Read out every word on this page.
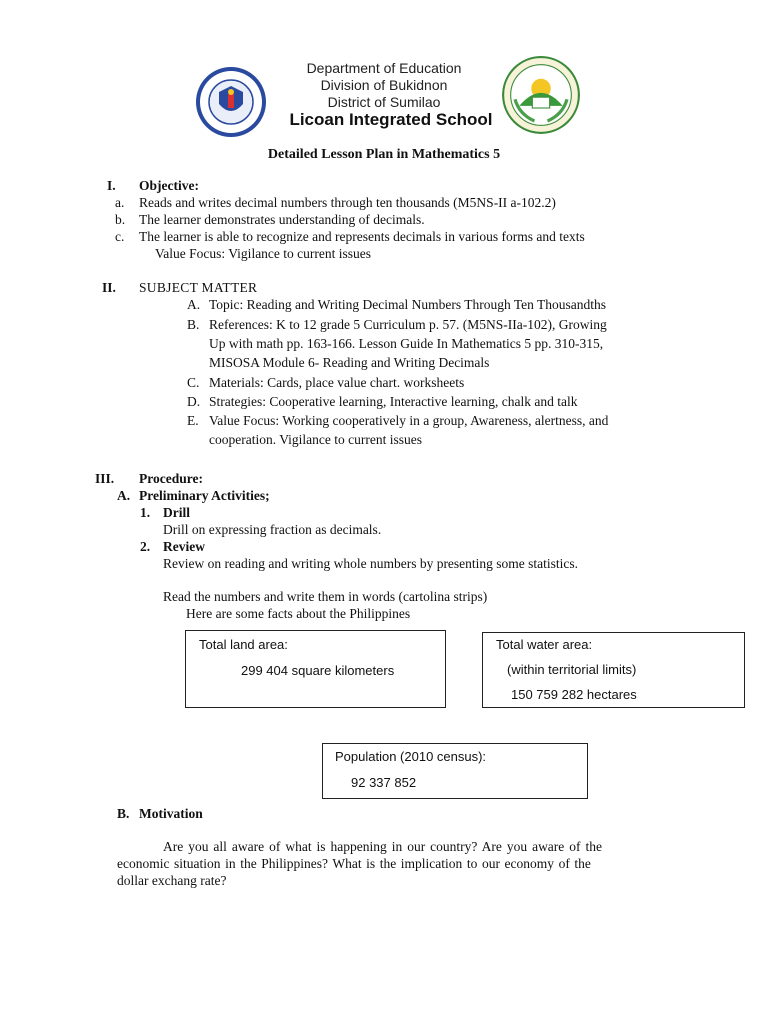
Department of Education
Division of Bukidnon
District of Sumilao
Licoan Integrated School
Detailed Lesson Plan in Mathematics 5
I. Objective:
a. Reads and writes decimal numbers through ten thousands (M5NS-II a-102.2)
b. The learner demonstrates understanding of decimals.
c. The learner is able to recognize and represents decimals in various forms and texts
Value Focus: Vigilance to current issues
II. SUBJECT MATTER
A. Topic: Reading and Writing Decimal Numbers Through Ten Thousandths
B. References: K to 12 grade 5 Curriculum p. 57. (M5NS-IIa-102), Growing
Up with math pp. 163-166. Lesson Guide In Mathematics 5 pp. 310-315,
MISOSA Module 6- Reading and Writing Decimals
C. Materials: Cards, place value chart. worksheets
D. Strategies: Cooperative learning, Interactive learning, chalk and talk
E. Value Focus: Working cooperatively in a group, Awareness, alertness, and
cooperation. Vigilance to current issues
III. Procedure:
A. Preliminary Activities;
1. Drill
Drill on expressing fraction as decimals.
2. Review
Review on reading and writing whole numbers by presenting some statistics.
Read the numbers and write them in words (cartolina strips)
Here are some facts about the Philippines
Total land area:
299 404 square kilometers
Total water area:
(within territorial limits)
150 759 282 hectares
Population (2010 census):
92 337 852
B. Motivation
Are you all aware of what is happening in our country? Are you aware of the
economic situation in the Philippines? What is the implication to our economy of the
dollar exchang rate?
